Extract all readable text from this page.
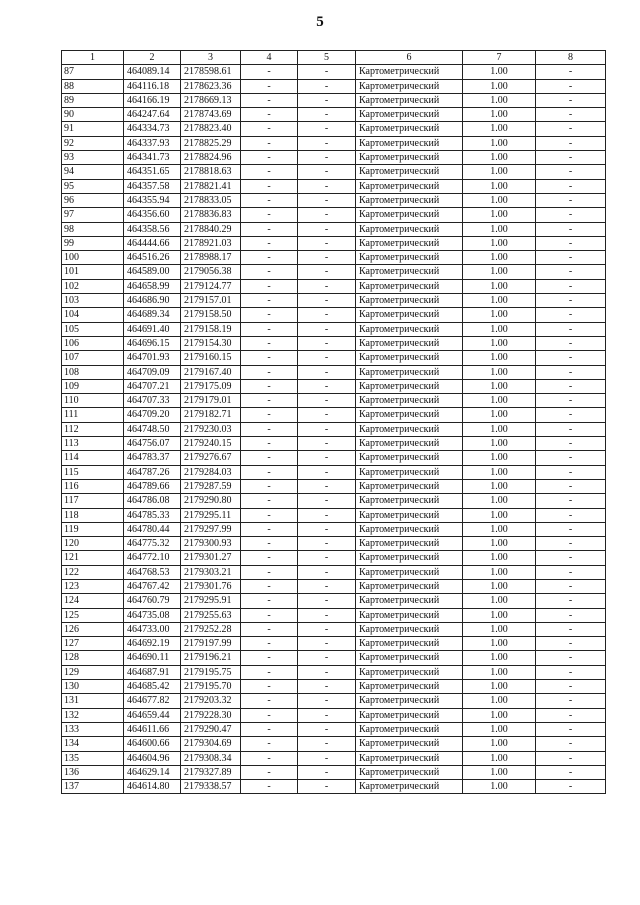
5
1	2	3	4	5	6	7	8
87	464089.14	2178598.61	-	-	Картометрический	1.00	-
88	464116.18	2178623.36	-	-	Картометрический	1.00	-
89	464166.19	2178669.13	-	-	Картометрический	1.00	-
90	464247.64	2178743.69	-	-	Картометрический	1.00	-
91	464334.73	2178823.40	-	-	Картометрический	1.00	-
92	464337.93	2178825.29	-	-	Картометрический	1.00	-
93	464341.73	2178824.96	-	-	Картометрический	1.00	-
94	464351.65	2178818.63	-	-	Картометрический	1.00	-
95	464357.58	2178821.41	-	-	Картометрический	1.00	-
96	464355.94	2178833.05	-	-	Картометрический	1.00	-
97	464356.60	2178836.83	-	-	Картометрический	1.00	-
98	464358.56	2178840.29	-	-	Картометрический	1.00	-
99	464444.66	2178921.03	-	-	Картометрический	1.00	-
100	464516.26	2178988.17	-	-	Картометрический	1.00	-
101	464589.00	2179056.38	-	-	Картометрический	1.00	-
102	464658.99	2179124.77	-	-	Картометрический	1.00	-
103	464686.90	2179157.01	-	-	Картометрический	1.00	-
104	464689.34	2179158.50	-	-	Картометрический	1.00	-
105	464691.40	2179158.19	-	-	Картометрический	1.00	-
106	464696.15	2179154.30	-	-	Картометрический	1.00	-
107	464701.93	2179160.15	-	-	Картометрический	1.00	-
108	464709.09	2179167.40	-	-	Картометрический	1.00	-
109	464707.21	2179175.09	-	-	Картометрический	1.00	-
110	464707.33	2179179.01	-	-	Картометрический	1.00	-
111	464709.20	2179182.71	-	-	Картометрический	1.00	-
112	464748.50	2179230.03	-	-	Картометрический	1.00	-
113	464756.07	2179240.15	-	-	Картометрический	1.00	-
114	464783.37	2179276.67	-	-	Картометрический	1.00	-
115	464787.26	2179284.03	-	-	Картометрический	1.00	-
116	464789.66	2179287.59	-	-	Картометрический	1.00	-
117	464786.08	2179290.80	-	-	Картометрический	1.00	-
118	464785.33	2179295.11	-	-	Картометрический	1.00	-
119	464780.44	2179297.99	-	-	Картометрический	1.00	-
120	464775.32	2179300.93	-	-	Картометрический	1.00	-
121	464772.10	2179301.27	-	-	Картометрический	1.00	-
122	464768.53	2179303.21	-	-	Картометрический	1.00	-
123	464767.42	2179301.76	-	-	Картометрический	1.00	-
124	464760.79	2179295.91	-	-	Картометрический	1.00	-
125	464735.08	2179255.63	-	-	Картометрический	1.00	-
126	464733.00	2179252.28	-	-	Картометрический	1.00	-
127	464692.19	2179197.99	-	-	Картометрический	1.00	-
128	464690.11	2179196.21	-	-	Картометрический	1.00	-
129	464687.91	2179195.75	-	-	Картометрический	1.00	-
130	464685.42	2179195.70	-	-	Картометрический	1.00	-
131	464677.82	2179203.32	-	-	Картометрический	1.00	-
132	464659.44	2179228.30	-	-	Картометрический	1.00	-
133	464611.66	2179290.47	-	-	Картометрический	1.00	-
134	464600.66	2179304.69	-	-	Картометрический	1.00	-
135	464604.96	2179308.34	-	-	Картометрический	1.00	-
136	464629.14	2179327.89	-	-	Картометрический	1.00	-
137	464614.80	2179338.57	-	-	Картометрический	1.00	-
